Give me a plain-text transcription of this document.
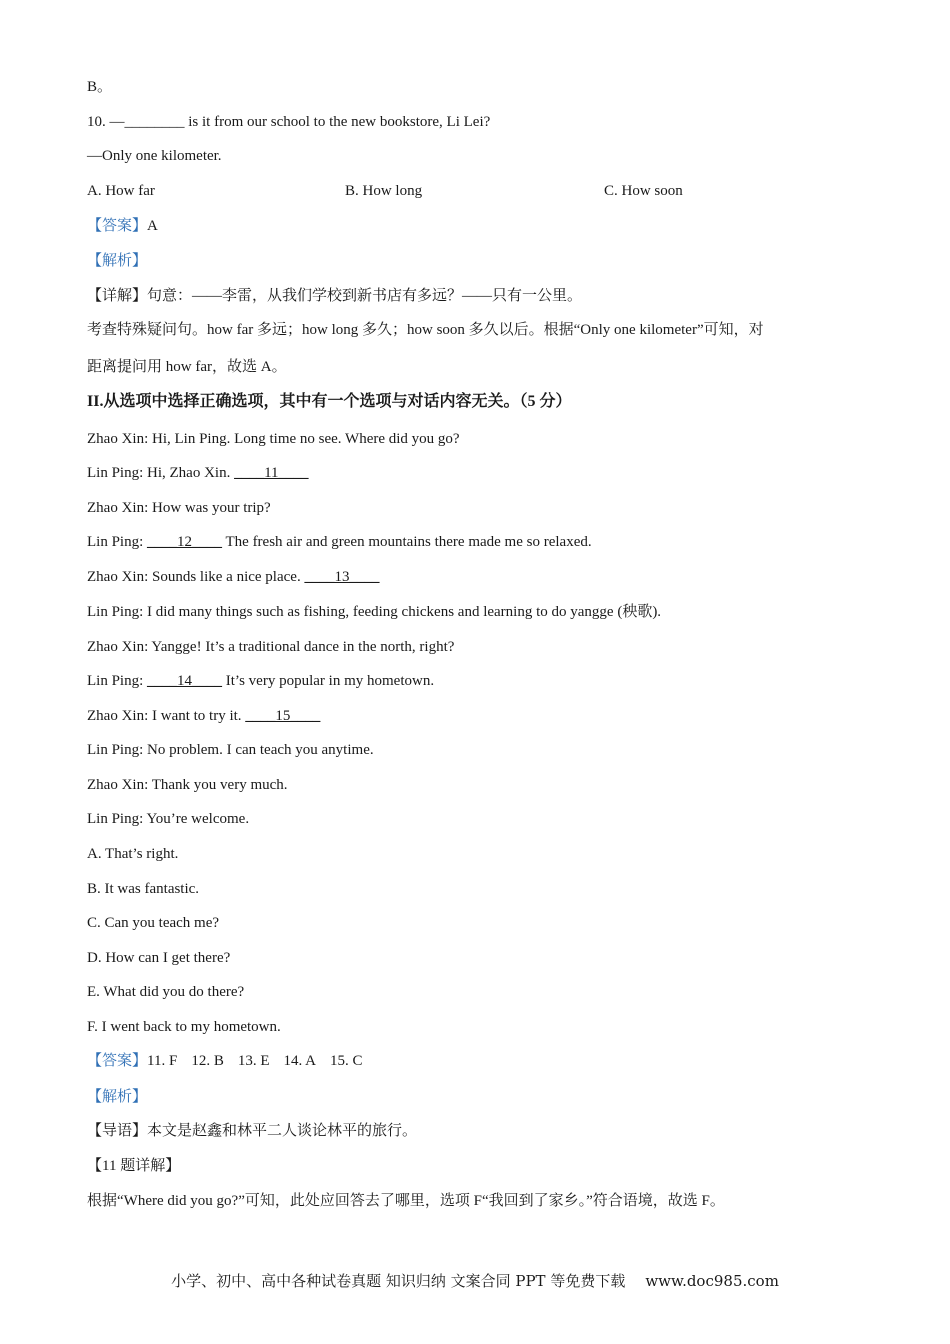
B。
10. —________ is it from our school to the new bookstore, Li Lei?
—Only one kilometer.
A. How far	B. How long	C. How soon
【答案】A
【解析】
【详解】句意：——李雷，从我们学校到新书店有多远？——只有一公里。
考查特殊疑问句。how far 多远；how long 多久；how soon 多久以后。根据“Only one kilometer”可知，对
距离提问用 how far，故选 A。
II.从选项中选择正确选项，其中有一个选项与对话内容无关。（5 分）
Zhao Xin: Hi, Lin Ping. Long time no see. Where did you go?
Lin Ping: Hi, Zhao Xin. ____11____
Zhao Xin: How was your trip?
Lin Ping: ____12____ The fresh air and green mountains there made me so relaxed.
Zhao Xin: Sounds like a nice place. ____13____
Lin Ping: I did many things such as fishing, feeding chickens and learning to do yangge (秧歌).
Zhao Xin: Yangge! It’s a traditional dance in the north, right?
Lin Ping: ____14____ It’s very popular in my hometown.
Zhao Xin: I want to try it. ____15____
Lin Ping: No problem. I can teach you anytime.
Zhao Xin: Thank you very much.
Lin Ping: You’re welcome.
A. That’s right.
B. It was fantastic.
C. Can you teach me?
D. How can I get there?
E. What did you do there?
F. I went back to my hometown.
【答案】11. F 12. B 13. E 14. A 15. C
【解析】
【导语】本文是赵鑫和林平二人谈论林平的旅行。
【11 题详解】
根据“Where did you go?”可知，此处应回答去了哪里，选项 F“我回到了家乡。”符合语境，故选 F。
小学、初中、高中各种试卷真题 知识归纳 文案合同 PPT 等免费下载 www.doc985.com
